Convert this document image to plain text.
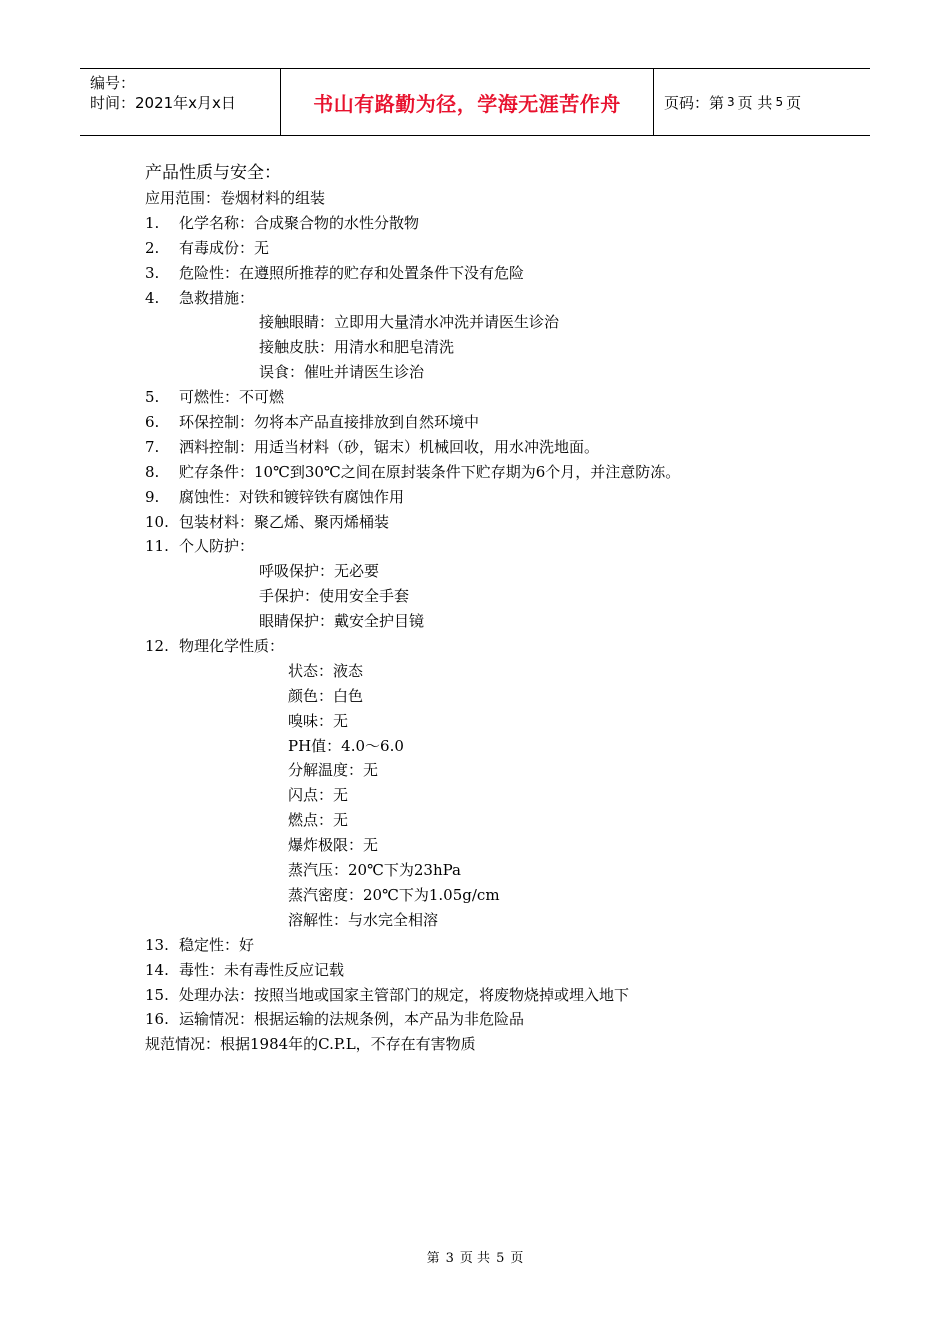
编号：
时间：2021年x月x日	书山有路勤为径，学海无涯苦作舟	页码：第 3 页 共 5 页
产品性质与安全：
应用范围：卷烟材料的组装
1. 化学名称：合成聚合物的水性分散物
2. 有毒成份：无
3. 危险性：在遵照所推荐的贮存和处置条件下没有危险
4. 急救措施：
接触眼睛：立即用大量清水冲洗并请医生诊治
接触皮肤：用清水和肥皂清洗
误食：催吐并请医生诊治
5. 可燃性：不可燃
6. 环保控制：勿将本产品直接排放到自然环境中
7. 洒料控制：用适当材料（砂，锯末）机械回收，用水冲洗地面。
8. 贮存条件：10℃到30℃之间在原封装条件下贮存期为6个月，并注意防冻。
9. 腐蚀性：对铁和镀锌铁有腐蚀作用
10. 包装材料：聚乙烯、聚丙烯桶装
11. 个人防护：
呼吸保护：无必要
手保护：使用安全手套
眼睛保护：戴安全护目镜
12. 物理化学性质：
状态：液态
颜色：白色
嗅味：无
PH值：4.0～6.0
分解温度：无
闪点：无
燃点：无
爆炸极限：无
蒸汽压：20℃下为23hPa
蒸汽密度：20℃下为1.05g/cm
溶解性：与水完全相溶
13. 稳定性：好
14. 毒性：未有毒性反应记载
15. 处理办法：按照当地或国家主管部门的规定，将废物烧掉或埋入地下
16. 运输情况：根据运输的法规条例，本产品为非危险品
规范情况：根据1984年的C.P.L，不存在有害物质
第 3 页 共 5 页
